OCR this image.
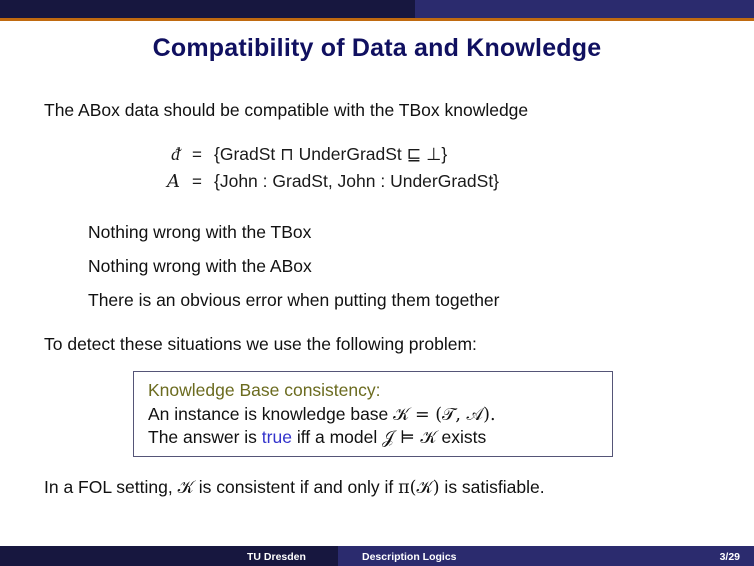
Compatibility of Data and Knowledge
The ABox data should be compatible with the TBox knowledge
ᵭ = {GradSt ⊓ UnderGradSt ⊑ ⊥}
A = {John : GradSt, John : UnderGradSt}
Nothing wrong with the TBox
Nothing wrong with the ABox
There is an obvious error when putting them together
To detect these situations we use the following problem:
Knowledge Base consistency:
An instance is knowledge base 𝒦 = (𝒯, 𝒜).
The answer is true iff a model 𝒥 ⊨ 𝒦 exists
In a FOL setting, 𝒦 is consistent if and only if π(𝒦) is satisfiable.
TU Dresden	Description Logics	3/29
